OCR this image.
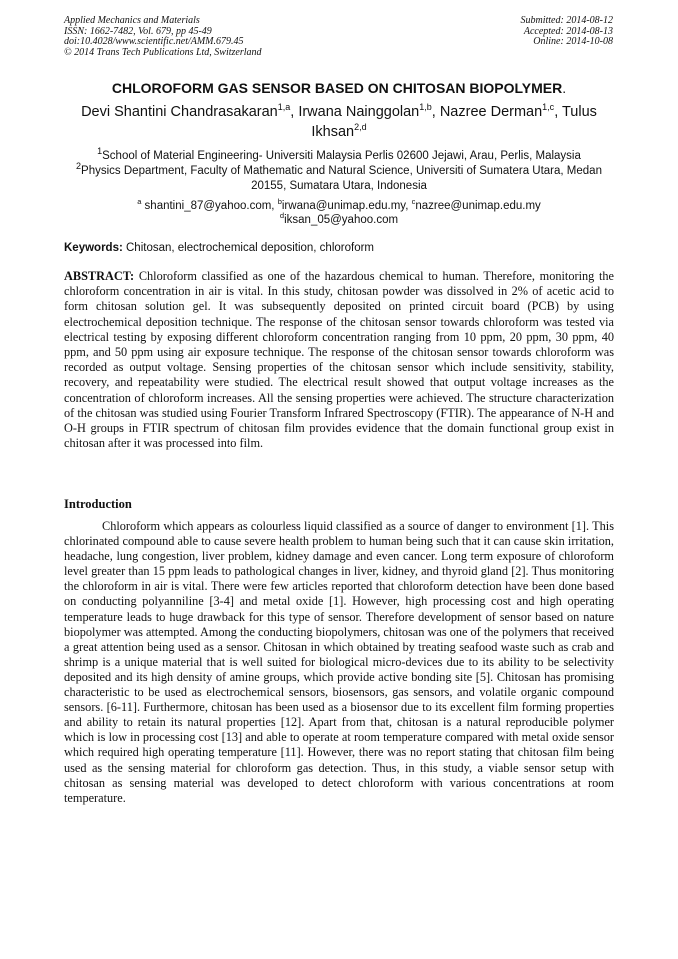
Applied Mechanics and Materials
ISSN: 1662-7482, Vol. 679, pp 45-49
doi:10.4028/www.scientific.net/AMM.679.45
© 2014 Trans Tech Publications Ltd, Switzerland
Submitted: 2014-08-12
Accepted: 2014-08-13
Online: 2014-10-08
CHLOROFORM GAS SENSOR BASED ON CHITOSAN BIOPOLYMER.
Devi Shantini Chandrasakaran$^{1,a}$, Irwana Nainggolan$^{1,b}$, Nazree Derman$^{1,c}$, Tulus Ikhsan$^{2,d}$
$^1$School of Material Engineering- Universiti Malaysia Perlis 02600 Jejawi, Arau, Perlis, Malaysia
$^2$Physics Department, Faculty of Mathematic and Natural Science, Universiti of Sumatera Utara, Medan 20155, Sumatara Utara, Indonesia
$^a$ shantini_87@yahoo.com, $^b$irwana@unimap.edu.my, $^c$nazree@unimap.edu.my
$^d$iksan_05@yahoo.com
Keywords: Chitosan, electrochemical deposition, chloroform

ABSTRACT: Chloroform classified as one of the hazardous chemical to human. Therefore, monitoring the chloroform concentration in air is vital. In this study, chitosan powder was dissolved in 2% of acetic acid to form chitosan solution gel. It was subsequently deposited on printed circuit board (PCB) by using electrochemical deposition technique. The response of the chitosan sensor towards chloroform was tested via electrical testing by exposing different chloroform concentration ranging from 10 ppm, 20 ppm, 30 ppm, 40 ppm, and 50 ppm using air exposure technique. The response of the chitosan sensor towards chloroform was recorded as output voltage. Sensing properties of the chitosan sensor which include sensitivity, stability, recovery, and repeatability were studied. The electrical result showed that output voltage increases as the concentration of chloroform increases. All the sensing properties were achieved. The structure characterization of the chitosan was studied using Fourier Transform Infrared Spectroscopy (FTIR). The appearance of N-H and O-H groups in FTIR spectrum of chitosan film provides evidence that the domain functional group exist in chitosan after it was processed into film.

Introduction

Chloroform which appears as colourless liquid classified as a source of danger to environment [1]. This chlorinated compound able to cause severe health problem to human being such that it can cause skin irritation, headache, lung congestion, liver problem, kidney damage and even cancer. Long term exposure of chloroform level greater than 15 ppm leads to pathological changes in liver, kidney, and thyroid gland [2]. Thus monitoring the chloroform in air is vital. There were few articles reported that chloroform detection have been done based on conducting polyanniline [3-4] and metal oxide [1]. However, high processing cost and high operating temperature leads to huge drawback for this type of sensor. Therefore development of sensor based on nature biopolymer was attempted. Among the conducting biopolymers, chitosan was one of the polymers that received a great attention being used as a sensor. Chitosan in which obtained by treating seafood waste such as crab and shrimp is a unique material that is well suited for biological micro-devices due to its ability to be selectivity deposited and its high density of amine groups, which provide active bonding site [5]. Chitosan has promising characteristic to be used as electrochemical sensors, biosensors, gas sensors, and volatile organic compound sensors. [6-11]. Furthermore, chitosan has been used as a biosensor due to its excellent film forming properties and ability to retain its natural properties [12]. Apart from that, chitosan is a natural reproducible polymer which is low in processing cost [13] and able to operate at room temperature compared with metal oxide sensor which required high operating temperature [11]. However, there was no report stating that chitosan film being used as the sensing material for chloroform gas detection. Thus, in this study, a viable sensor setup with chitosan as sensing material was developed to detect chloroform with various concentrations at room temperature.
